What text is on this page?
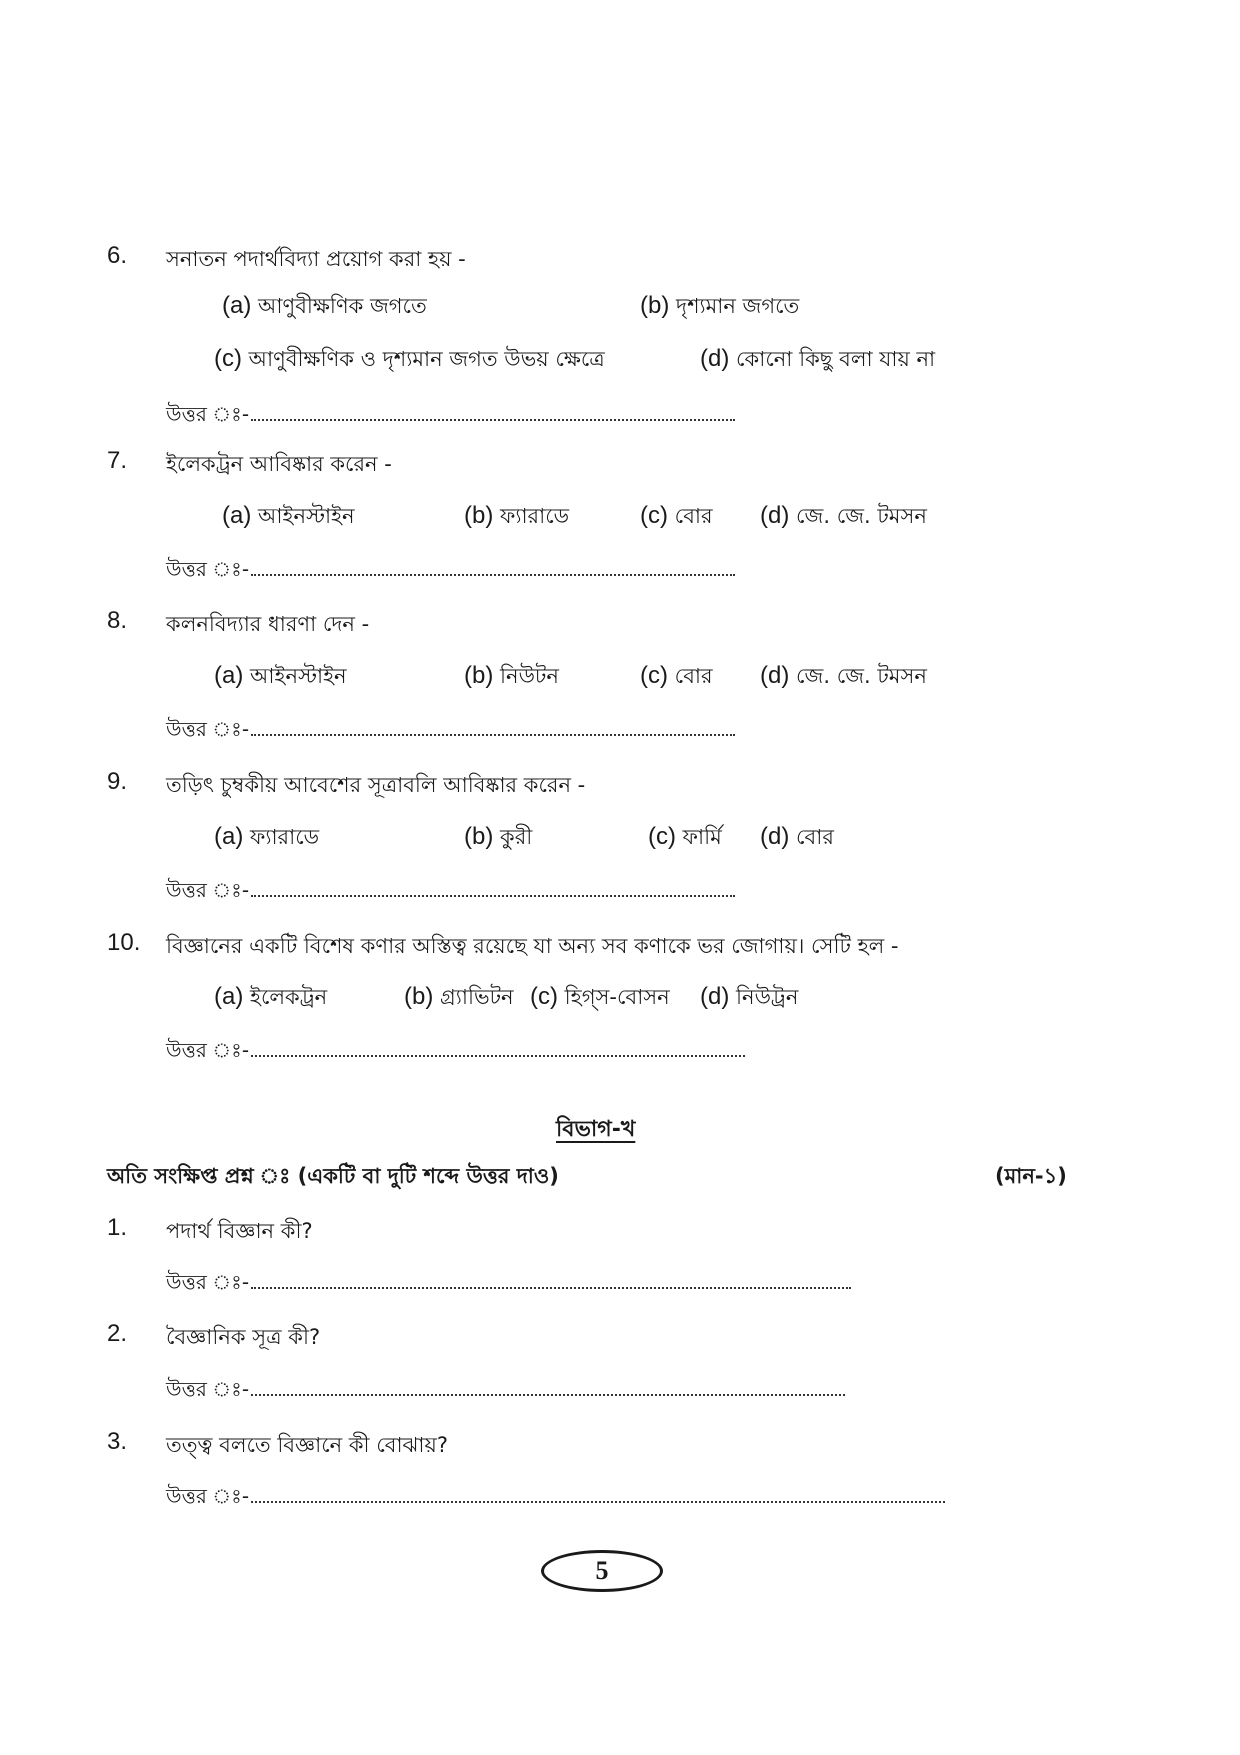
6. সনাতন পদার্থবিদ্যা প্রয়োগ করা হয় -
(a) আণুবীক্ষণিক জগতে	(b) দৃশ্যমান জগতে
(c) আণুবীক্ষণিক ও দৃশ্যমান জগত উভয় ক্ষেত্রে	(d) কোনো কিছু বলা যায় না
উত্তর ঃ-
7. ইলেকট্রন আবিষ্কার করেন -
(a) আইনস্টাইন	(b) ফ্যারাডে	(c) বোর (d) জে. জে. টমসন
উত্তর ঃ-
8. কলনবিদ্যার ধারণা দেন -
(a) আইনস্টাইন	(b) নিউটন	(c) বোর (d) জে. জে. টমসন
উত্তর ঃ-
9. তড়িৎ চুম্বকীয় আবেশের সূত্রাবলি আবিষ্কার করেন -
(a) ফ্যারাডে	(b) কুরী	(c) ফার্মি (d) বোর
উত্তর ঃ-
10. বিজ্ঞানের একটি বিশেষ কণার অস্তিত্ব রয়েছে যা অন্য সব কণাকে ভর জোগায়। সেটি হল -
(a) ইলেকট্রন	(b) গ্র্যাভিটন (c) হিগ্‌স-বোসন (d) নিউট্রন
উত্তর ঃ-
বিভাগ-খ
অতি সংক্ষিপ্ত প্রশ্ন ঃ (একটি বা দুটি শব্দে উত্তর দাও)	(মান-১)
1. পদার্থ বিজ্ঞান কী?
উত্তর ঃ-
2. বৈজ্ঞানিক সূত্র কী?
উত্তর ঃ-
3. তত্ত্ব বলতে বিজ্ঞানে কী বোঝায়?
উত্তর ঃ-
5
